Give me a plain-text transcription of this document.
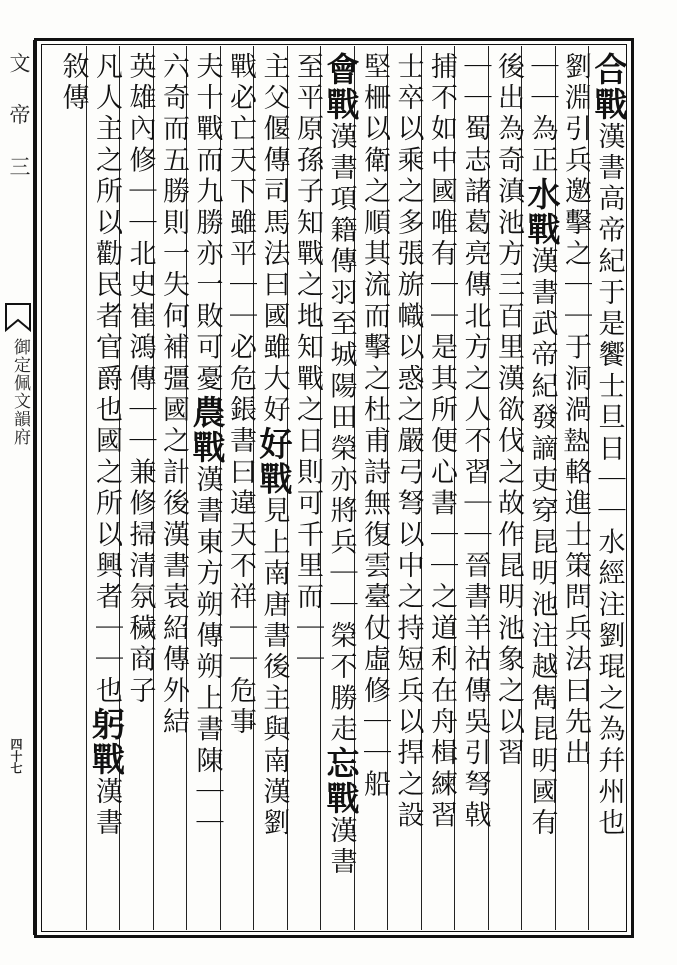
文 帝 三
御定佩文韻府
四十七
合戰漢書高帝紀于是饗士旦日｜｜水經注劉琨之為幷州也
劉淵引兵邀擊之｜｜于洞渦𥂕輅進士策問兵法曰先出
｜｜為正水戰漢書武帝紀發謫吏穿昆明池注越雋昆明國有
後出為奇滇池方三百里漢欲伐之故作昆明池象之以習
｜｜蜀志諸葛亮傳北方之人不習｜｜晉書羊祜傳吳引弩戟
捕不如中國唯有｜｜是其所便心書｜｜之道利在舟楫練習
士卒以乘之多張旂幟以惑之嚴弓弩以中之持短兵以捍之設
堅柵以衛之順其流而擊之杜甫詩無復雲臺仗虛修｜｜船
會戰漢書項籍傳羽至城陽田榮亦將兵｜｜榮不勝走忘戰漢書
至平原孫子知戰之地知戰之日則可千里而｜｜
主父偃傳司馬法曰國雖大好好戰見上南唐書後主與南漢劉
戰必亡天下雖平｜｜必危鋹書曰違天不祥｜｜危事
夫十戰而九勝亦一敗可憂農戰漢書東方朔傳朔上書陳｜｜
六奇而五勝則一失何補彊國之計後漢書袁紹傳外結
英雄內修｜｜北史崔鴻傳｜｜兼修掃清氛穢商子
凡人主之所以勸民者官爵也國之所以興者｜｜也躬戰漢書
敘傳
